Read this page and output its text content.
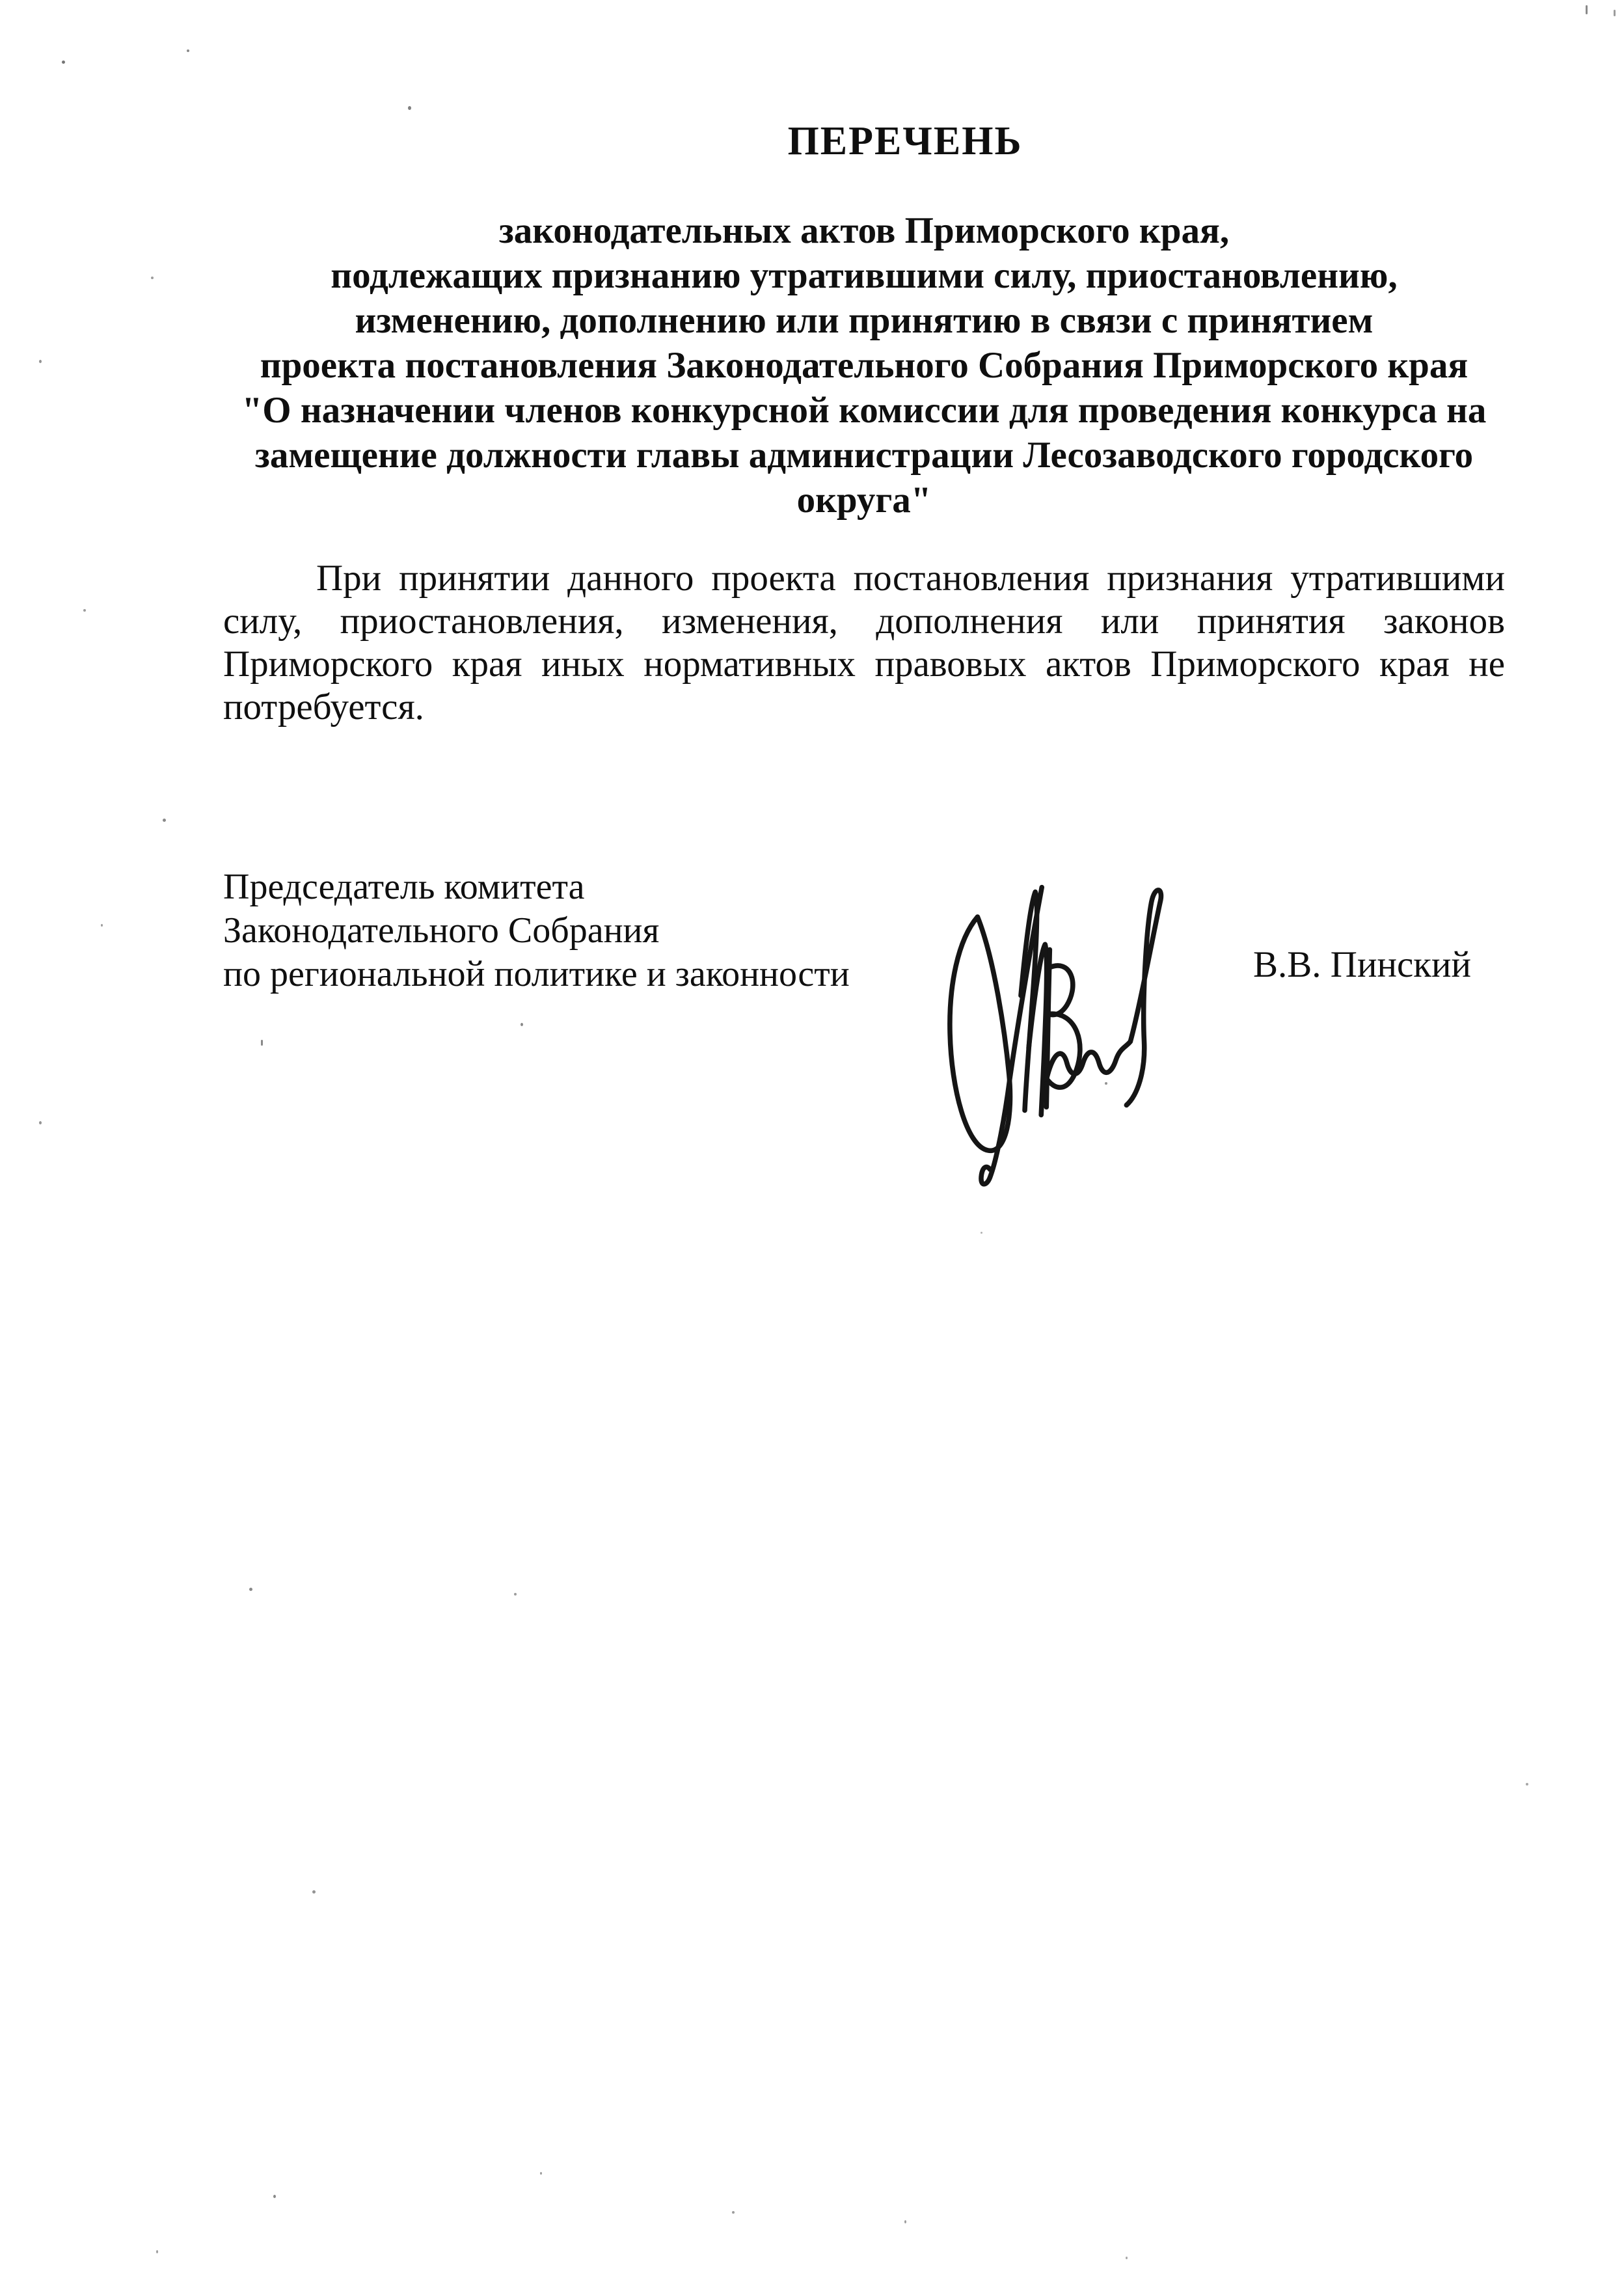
ПЕРЕЧЕНЬ
законодательных актов Приморского края,
подлежащих признанию утратившими силу, приостановлению,
изменению, дополнению или принятию в связи с принятием
проекта постановления Законодательного Собрания Приморского края
"О назначении членов конкурсной комиссии для проведения конкурса на
замещение должности главы администрации Лесозаводского городского
округа"
При принятии данного проекта постановления признания утратившими
силу, приостановления, изменения, дополнения или принятия законов
Приморского края иных нормативных правовых актов Приморского края не
потребуется.
Председатель комитета
Законодательного Собрания
по региональной политике и законности	В.В. Пинский
